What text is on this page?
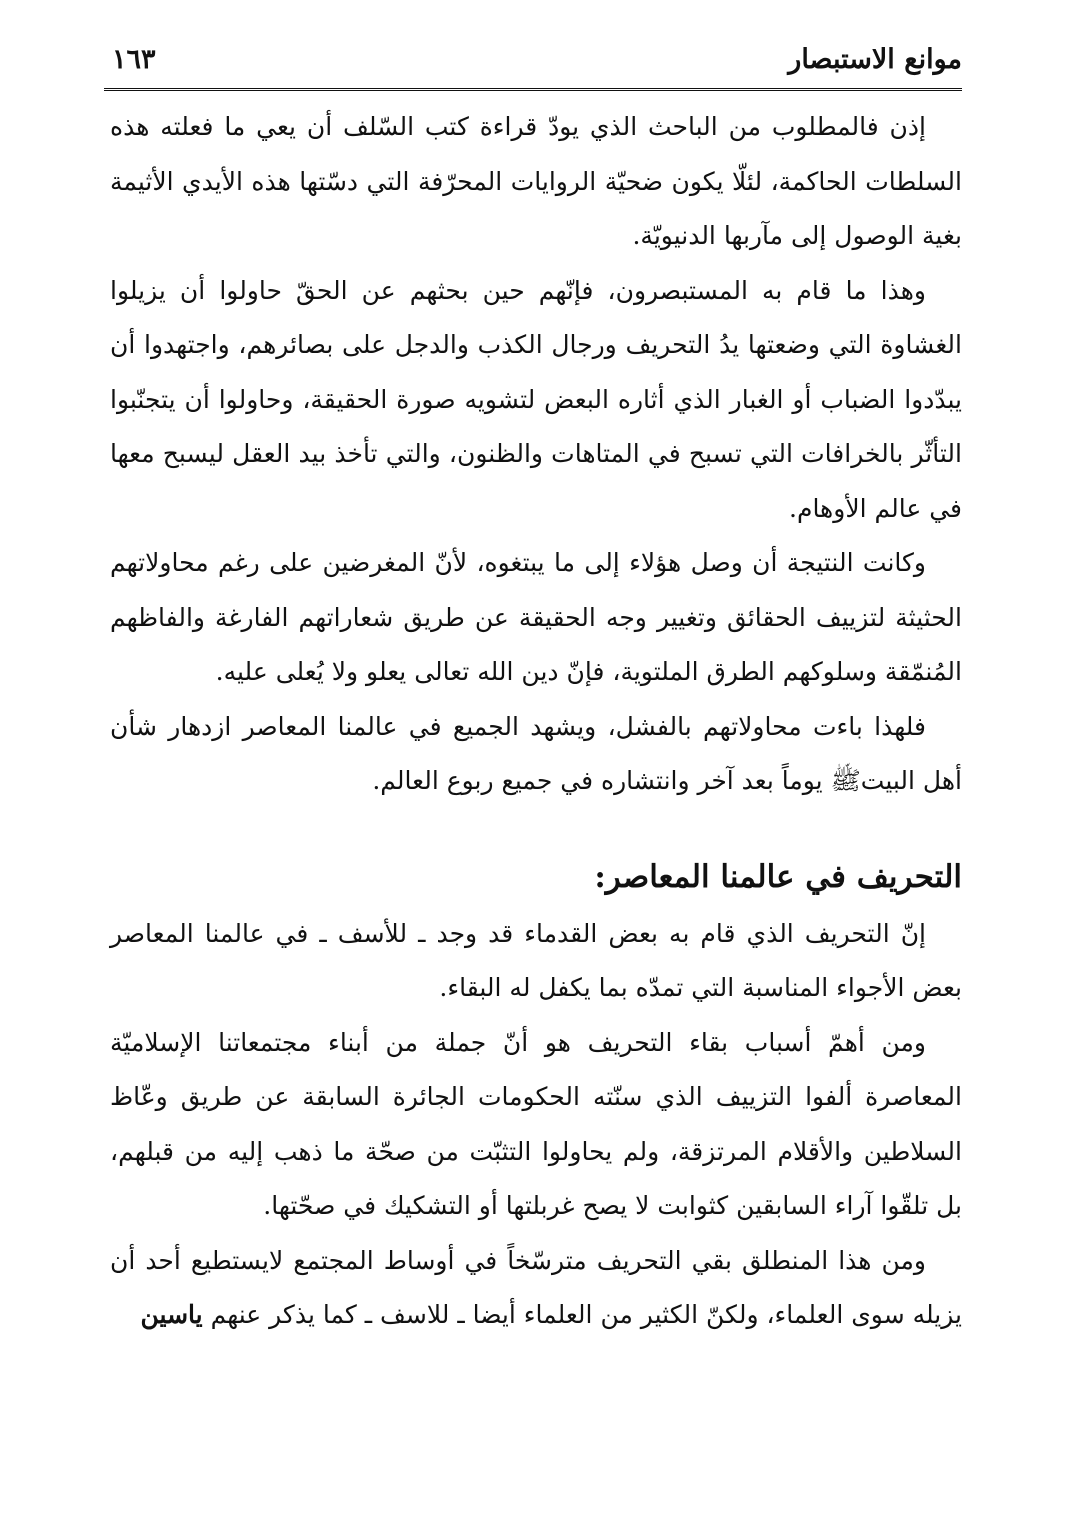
موانع الاستبصار
١٦٣

إذن فالمطلوب من الباحث الذي يودّ قراءة كتب السّلف أن يعي ما فعلته هذه السلطات الحاكمة، لئلّا يكون ضحيّة الروايات المحرّفة التي دسّتها هذه الأيدي الأثيمة بغية الوصول إلى مآربها الدنيويّة.

وهذا ما قام به المستبصرون، فإنّهم حين بحثهم عن الحقّ حاولوا أن يزيلوا الغشاوة التي وضعتها يدُ التحريف ورجال الكذب والدجل على بصائرهم، واجتهدوا أن يبدّدوا الضباب أو الغبار الذي أثاره البعض لتشويه صورة الحقيقة، وحاولوا أن يتجنّبوا التأثّر بالخرافات التي تسبح في المتاهات والظنون، والتي تأخذ بيد العقل ليسبح معها في عالم الأوهام.

وكانت النتيجة أن وصل هؤلاء إلى ما يبتغوه، لأنّ المغرضين على رغم محاولاتهم الحثيثة لتزييف الحقائق وتغيير وجه الحقيقة عن طريق شعاراتهم الفارغة والفاظهم المُنمّقة وسلوكهم الطرق الملتوية، فإنّ دين الله تعالى يعلو ولا يُعلى عليه.

فلهذا باءت محاولاتهم بالفشل، ويشهد الجميع في عالمنا المعاصر ازدهار شأن أهل البيتﷺ يوماً بعد آخر وانتشاره في جميع ربوع العالم.

التحريف في عالمنا المعاصر:

إنّ التحريف الذي قام به بعض القدماء قد وجد ـ للأسف ـ في عالمنا المعاصر بعض الأجواء المناسبة التي تمدّه بما يكفل له البقاء.

ومن أهمّ أسباب بقاء التحريف هو أنّ جملة من أبناء مجتمعاتنا الإسلاميّة المعاصرة ألفوا التزييف الذي سنّته الحكومات الجائرة السابقة عن طريق وعّاظ السلاطين والأقلام المرتزقة، ولم يحاولوا التثبّت من صحّة ما ذهب إليه من قبلهم، بل تلقّوا آراء السابقين كثوابت لا يصح غربلتها أو التشكيك في صحّتها.

ومن هذا المنطلق بقي التحريف مترسّخاً في أوساط المجتمع لايستطيع أحد أن يزيله سوى العلماء، ولكنّ الكثير من العلماء أيضا ـ للاسف ـ كما يذكر عنهم ياسين
